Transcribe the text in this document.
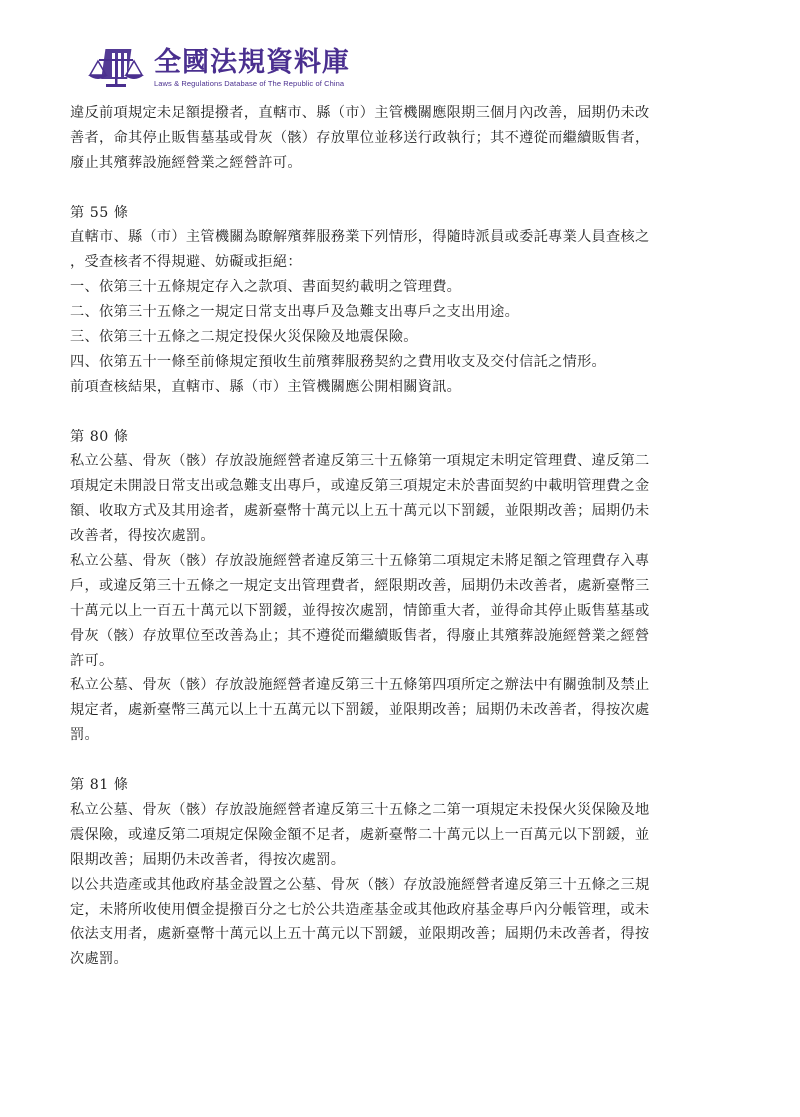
全國法規資料庫
Laws & Regulations Database of The Republic of China
違反前項規定未足額提撥者，直轄市、縣（市）主管機關應限期三個月內改善，屆期仍未改
善者，命其停止販售墓基或骨灰（骸）存放單位並移送行政執行；其不遵從而繼續販售者，
廢止其殯葬設施經營業之經營許可。
第 55 條
直轄市、縣（市）主管機關為瞭解殯葬服務業下列情形，得隨時派員或委託專業人員查核之
，受查核者不得規避、妨礙或拒絕：
一、依第三十五條規定存入之款項、書面契約載明之管理費。
二、依第三十五條之一規定日常支出專戶及急難支出專戶之支出用途。
三、依第三十五條之二規定投保火災保險及地震保險。
四、依第五十一條至前條規定預收生前殯葬服務契約之費用收支及交付信託之情形。
前項查核結果，直轄市、縣（市）主管機關應公開相關資訊。
第 80 條
私立公墓、骨灰（骸）存放設施經營者違反第三十五條第一項規定未明定管理費、違反第二
項規定未開設日常支出或急難支出專戶，或違反第三項規定未於書面契約中載明管理費之金
額、收取方式及其用途者，處新臺幣十萬元以上五十萬元以下罰鍰，並限期改善；屆期仍未
改善者，得按次處罰。
私立公墓、骨灰（骸）存放設施經營者違反第三十五條第二項規定未將足額之管理費存入專
戶，或違反第三十五條之一規定支出管理費者，經限期改善，屆期仍未改善者，處新臺幣三
十萬元以上一百五十萬元以下罰鍰，並得按次處罰，情節重大者，並得命其停止販售墓基或
骨灰（骸）存放單位至改善為止；其不遵從而繼續販售者，得廢止其殯葬設施經營業之經營
許可。
私立公墓、骨灰（骸）存放設施經營者違反第三十五條第四項所定之辦法中有關強制及禁止
規定者，處新臺幣三萬元以上十五萬元以下罰鍰，並限期改善；屆期仍未改善者，得按次處
罰。
第 81 條
私立公墓、骨灰（骸）存放設施經營者違反第三十五條之二第一項規定未投保火災保險及地
震保險，或違反第二項規定保險金額不足者，處新臺幣二十萬元以上一百萬元以下罰鍰，並
限期改善；屆期仍未改善者，得按次處罰。
以公共造產或其他政府基金設置之公墓、骨灰（骸）存放設施經營者違反第三十五條之三規
定，未將所收使用價金提撥百分之七於公共造產基金或其他政府基金專戶內分帳管理，或未
依法支用者，處新臺幣十萬元以上五十萬元以下罰鍰，並限期改善；屆期仍未改善者，得按
次處罰。
